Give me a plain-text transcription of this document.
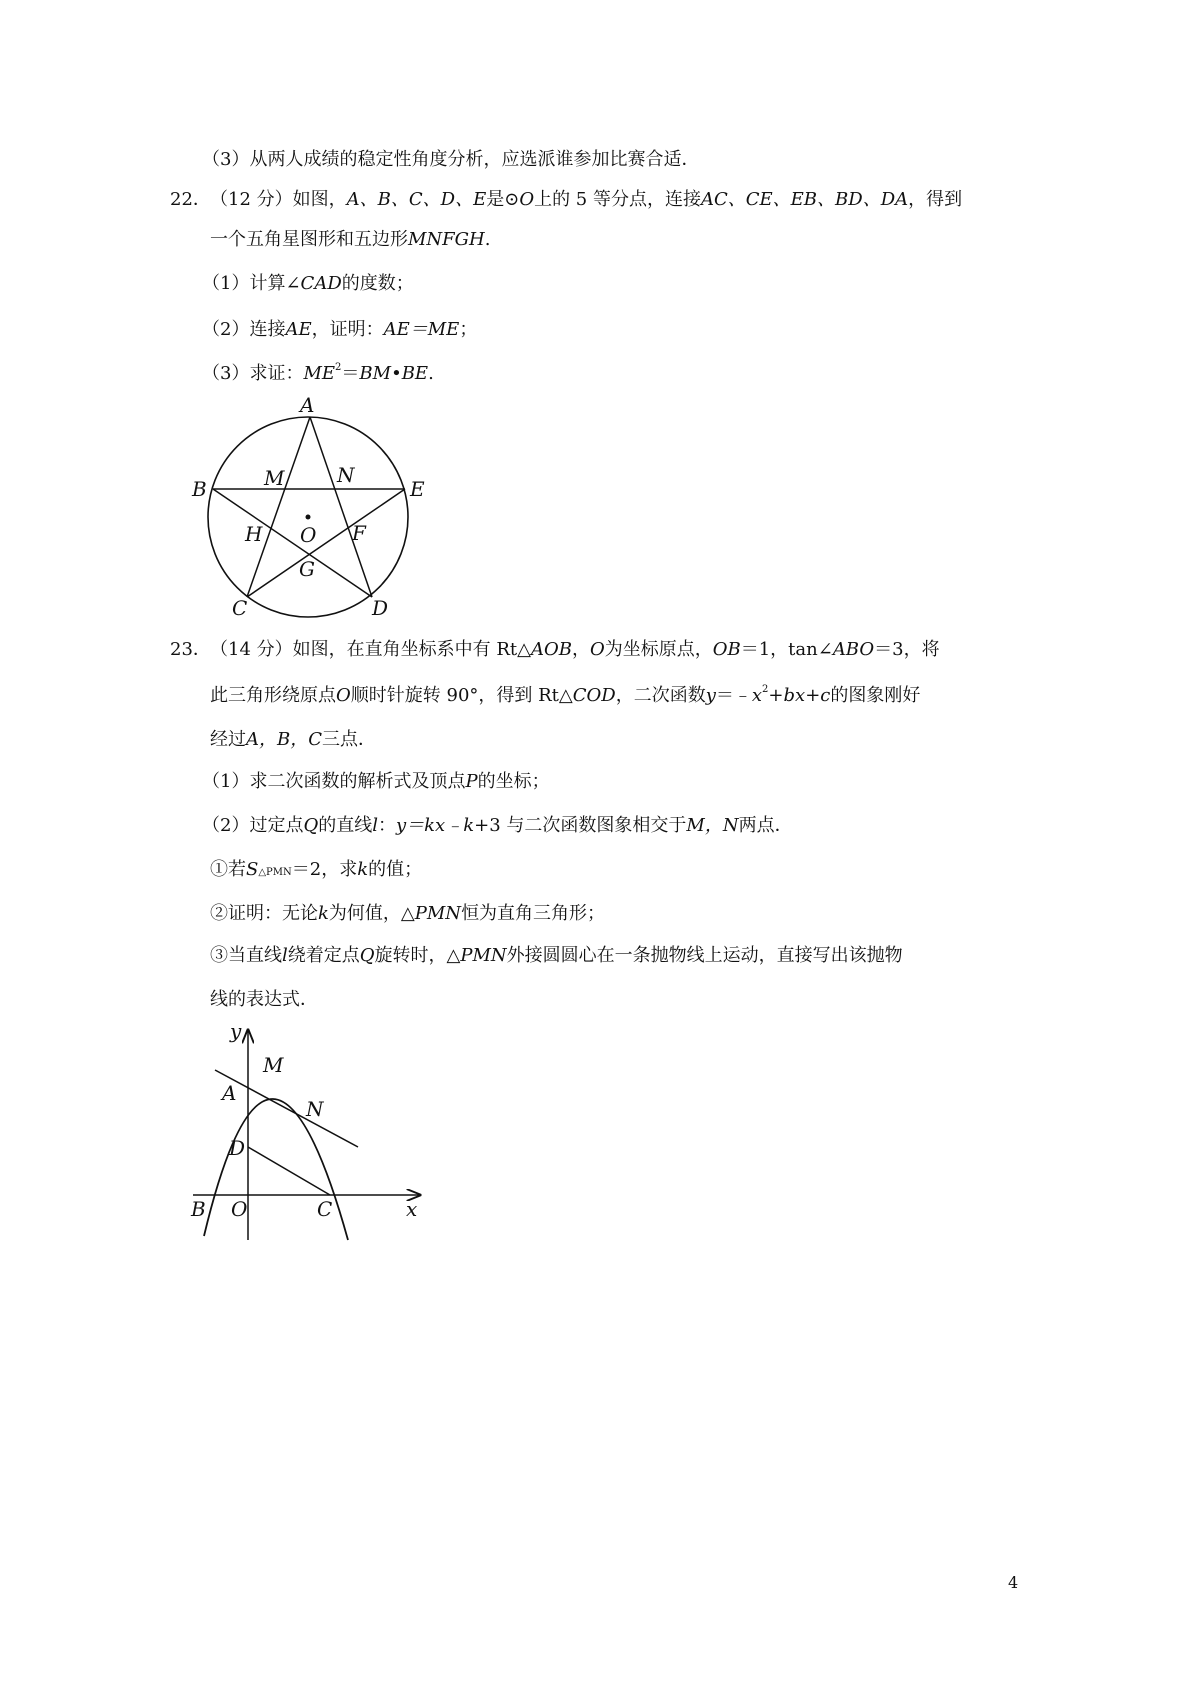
（3）从两人成绩的稳定性角度分析，应选派谁参加比赛合适．
22． （12 分）如图，A、B、C、D、E是⊙O上的 5 等分点，连接AC、CE、EB、BD、DA，得到
一个五角星图形和五边形MNFGH.
（1）计算∠CAD的度数；
（2）连接AE，证明：AE＝ME；
（3）求证：$ME^2=BM•BE$.
A
B	E
M	N
H O F
G
C	D
23． （14 分）如图，在直角坐标系中有 Rt△AOB，O为坐标原点，OB＝1，tan∠ABO＝3，将
此三角形绕原点O顺时针旋转 90°，得到 Rt△COD，二次函数$y=﹣x^2+bx+c$的图象刚好
经过A，B，C三点．
（1）求二次函数的解析式及顶点P的坐标；
（2）过定点Q的直线l：y＝kx﹣k+3 与二次函数图象相交于M，N两点．
①若$S_{\triangle PMN}=2$，求k的值；
②证明：无论k为何值，△PMN恒为直角三角形；
③当直线l绕着定点Q旋转时，△PMN外接圆圆心在一条抛物线上运动，直接写出该抛物
线的表达式．
y
x
M
A
N
D
B O	C
4
